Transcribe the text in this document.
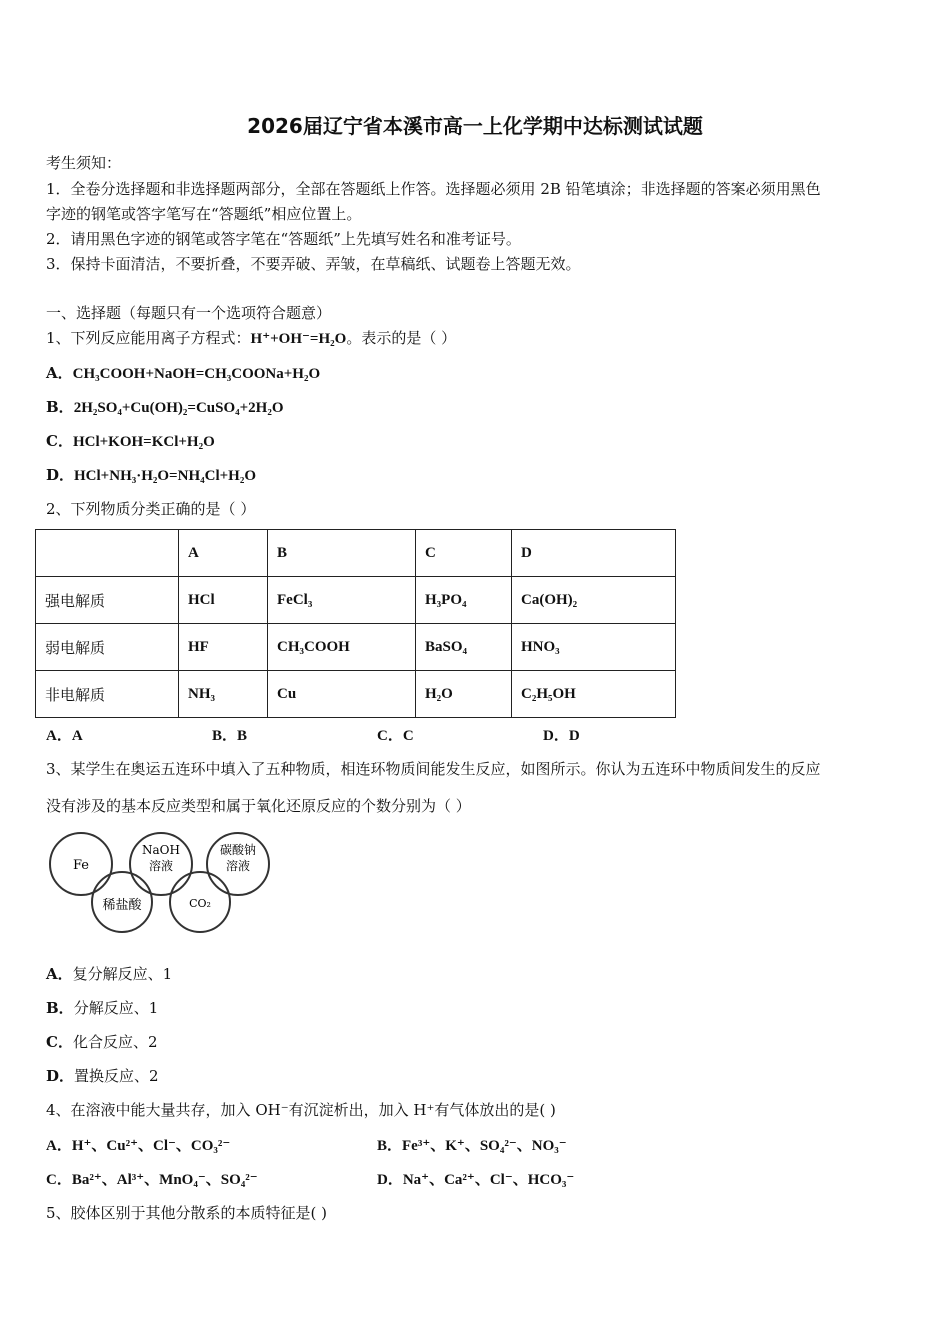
2026届辽宁省本溪市高一上化学期中达标测试试题
考生须知：
1．全卷分选择题和非选择题两部分，全部在答题纸上作答。选择题必须用 2B 铅笔填涂；非选择题的答案必须用黑色
字迹的钢笔或答字笔写在“答题纸”相应位置上。
2．请用黑色字迹的钢笔或答字笔在“答题纸”上先填写姓名和准考证号。
3．保持卡面清洁，不要折叠，不要弄破、弄皱，在草稿纸、试题卷上答题无效。
一、选择题（每题只有一个选项符合题意）
1、下列反应能用离子方程式：H⁺+OH⁻=H₂O。表示的是（ ）
A．CH₃COOH+NaOH=CH₃COONa+H₂O
B．2H₂SO₄+Cu(OH)₂=CuSO₄+2H₂O
C．HCl+KOH=KCl+H₂O
D．HCl+NH₃·H₂O=NH₄Cl+H₂O
2、下列物质分类正确的是（ ）
	A	B	C	D
强电解质	HCl	FeCl₃	H₃PO₄	Ca(OH)₂
弱电解质	HF	CH₃COOH	BaSO₄	HNO₃
非电解质	NH₃	Cu	H₂O	C₂H₅OH
A．A	B．B	C．C	D．D
3、某学生在奥运五连环中填入了五种物质，相连环物质间能发生反应，如图所示。你认为五连环中物质间发生的反应
没有涉及的基本反应类型和属于氧化还原反应的个数分别为（ ）
Fe
NaOH
溶液
碳酸钠
溶液
稀盐酸	CO₂
A．复分解反应、1
B．分解反应、1
C．化合反应、2
D．置换反应、2
4、在溶液中能大量共存，加入 OH⁻有沉淀析出，加入 H⁺有气体放出的是( )
A．H⁺、Cu²⁺、Cl⁻、CO₃²⁻	B．Fe³⁺、K⁺、SO₄²⁻、NO₃⁻
C．Ba²⁺、Al³⁺、MnO₄⁻、SO₄²⁻	D．Na⁺、Ca²⁺、Cl⁻、HCO₃⁻
5、胶体区别于其他分散系的本质特征是( )
